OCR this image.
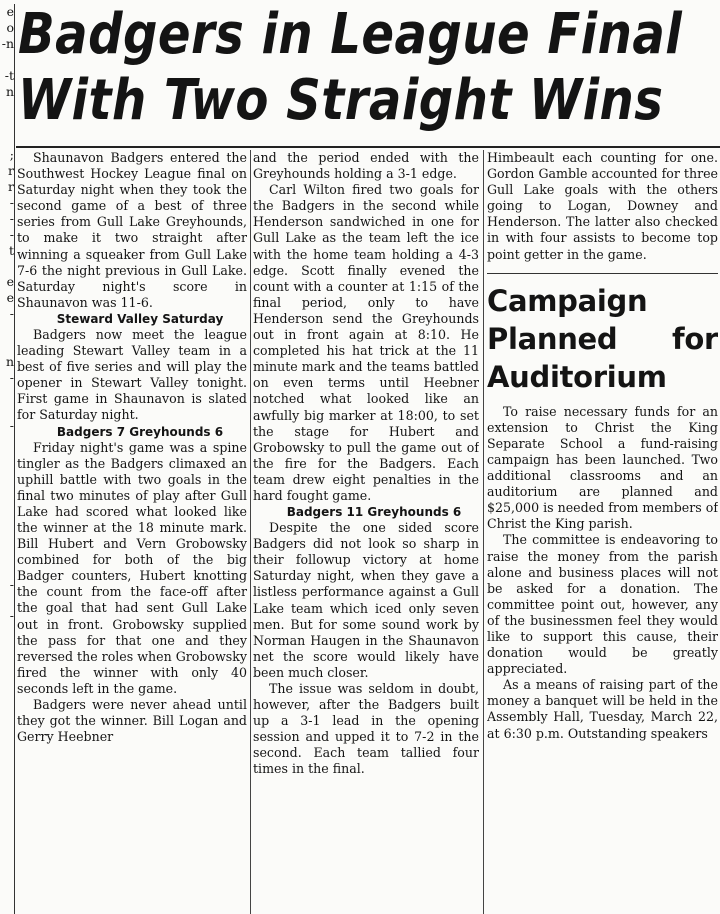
e

o

n-

t-

n

;

r

r

-

-

-

t

e

e

-

n

-

-

-

-

Badgers in League Final
With Two Straight Wins

Shaunavon Badgers entered the Southwest Hockey League final on Saturday night when they took the second game of a best of three series from Gull Lake Greyhounds, to make it two straight after winning a squeaker from Gull Lake 7-6 the night previous in Gull Lake. Saturday night's score in Shaunavon was 11-6.

Steward Valley Saturday

Badgers now meet the league leading Stewart Valley team in a best of five series and will play the opener in Stewart Valley tonight. First game in Shaunavon is slated for Saturday night.

Badgers 7 Greyhounds 6

Friday night's game was a spine tingler as the Badgers climaxed an uphill battle with two goals in the final two minutes of play after Gull Lake had scored what looked like the winner at the 18 minute mark. Bill Hubert and Vern Grobowsky combined for both of the big Badger counters, Hubert knotting the count from the face-off after the goal that had sent Gull Lake out in front. Grobowsky supplied the pass for that one and they reversed the roles when Grobowsky fired the winner with only 40 seconds left in the game.

Badgers were never ahead until they got the winner. Bill Logan and Gerry Heebner

and the period ended with the Greyhounds holding a 3-1 edge.

Carl Wilton fired two goals for the Badgers in the second while Henderson sandwiched in one for Gull Lake as the team left the ice with the home team holding a 4-3 edge. Scott finally evened the count with a counter at 1:15 of the final period, only to have Henderson send the Greyhounds out in front again at 8:10. He completed his hat trick at the 11 minute mark and the teams battled on even terms until Heebner notched what looked like an awfully big marker at 18:00, to set the stage for Hubert and Grobowsky to pull the game out of the fire for the Badgers. Each team drew eight penalties in the hard fought game.

Badgers 11 Greyhounds 6

Despite the one sided score Badgers did not look so sharp in their followup victory at home Saturday night, when they gave a listless performance against a Gull Lake team which iced only seven men. But for some sound work by Norman Haugen in the Shaunavon net the score would likely have been much closer.

The issue was seldom in doubt, however, after the Badgers built up a 3-1 lead in the opening session and upped it to 7-2 in the second. Each team tallied four times in the final.

Himbeault each counting for one. Gordon Gamble accounted for three Gull Lake goals with the others going to Logan, Downey and Henderson. The latter also checked in with four assists to become top point getter in the game.

Campaign Planned for Auditorium

To raise necessary funds for an extension to Christ the King Separate School a fund-raising campaign has been launched. Two additional classrooms and an auditorium are planned and $25,000 is needed from members of Christ the King parish.

The committee is endeavoring to raise the money from the parish alone and business places will not be asked for a donation. The committee point out, however, any of the businessmen feel they would like to support this cause, their donation would be greatly appreciated.

As a means of raising part of the money a banquet will be held in the Assembly Hall, Tuesday, March 22, at 6:30 p.m. Outstanding speakers
